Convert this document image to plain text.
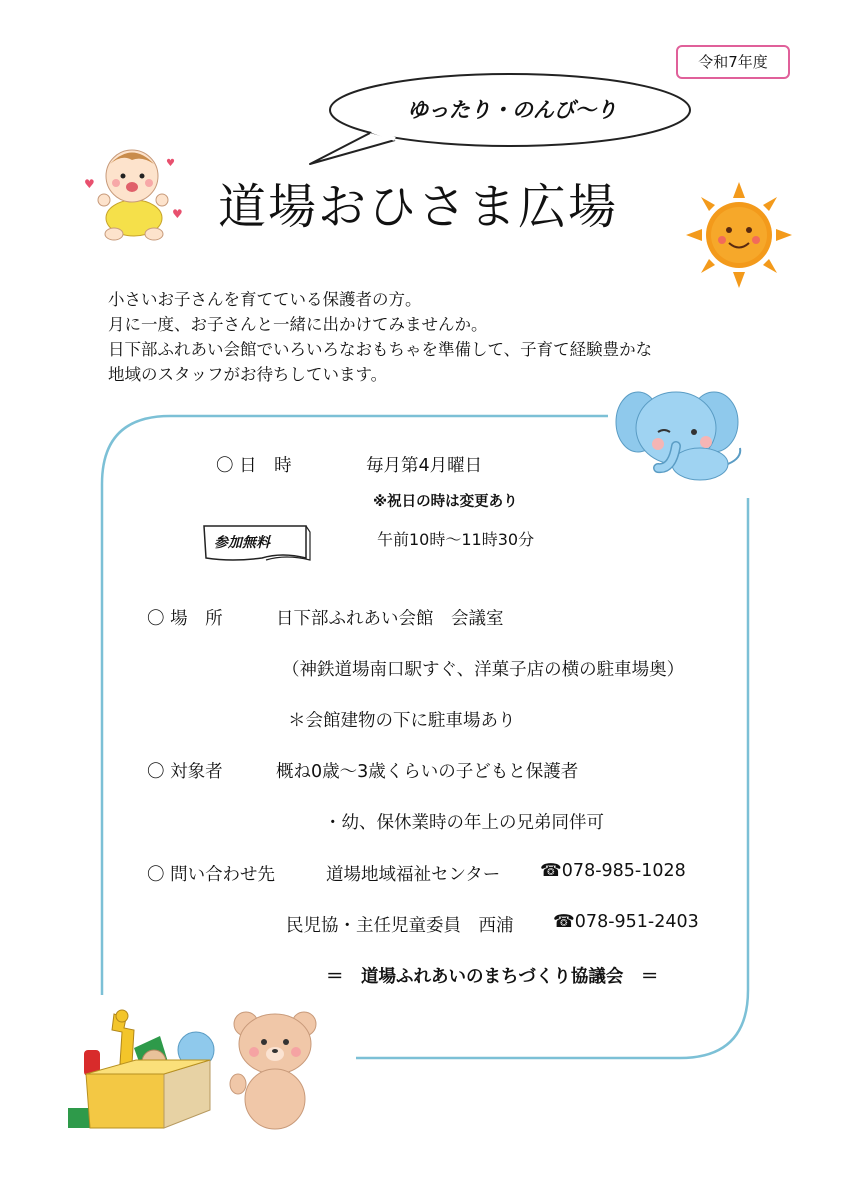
令和7年度
ゆったり・のんび～り
♥
♥
♥ 道場おひさま広場
小さいお子さんを育てている保護者の方。
月に一度、お子さんと一緒に出かけてみませんか。
日下部ふれあい会館でいろいろなおもちゃを準備して、子育て経験豊かな
地域のスタッフがお待ちしています。
〇 日　時	毎月第4月曜日
※祝日の時は変更あり
参加無料	午前10時～11時30分
〇 場　所	日下部ふれあい会館　会議室
（神鉄道場南口駅すぐ、洋菓子店の横の駐車場奥）
＊会館建物の下に駐車場あり
〇 対象者	概ね0歳～3歳くらいの子どもと保護者
・幼、保休業時の年上の兄弟同伴可
〇 問い合わせ先	道場地域福祉センター ☎078-985-1028
民児協・主任児童委員　西浦 ☎078-951-2403
＝　道場ふれあいのまちづくり協議会　＝
